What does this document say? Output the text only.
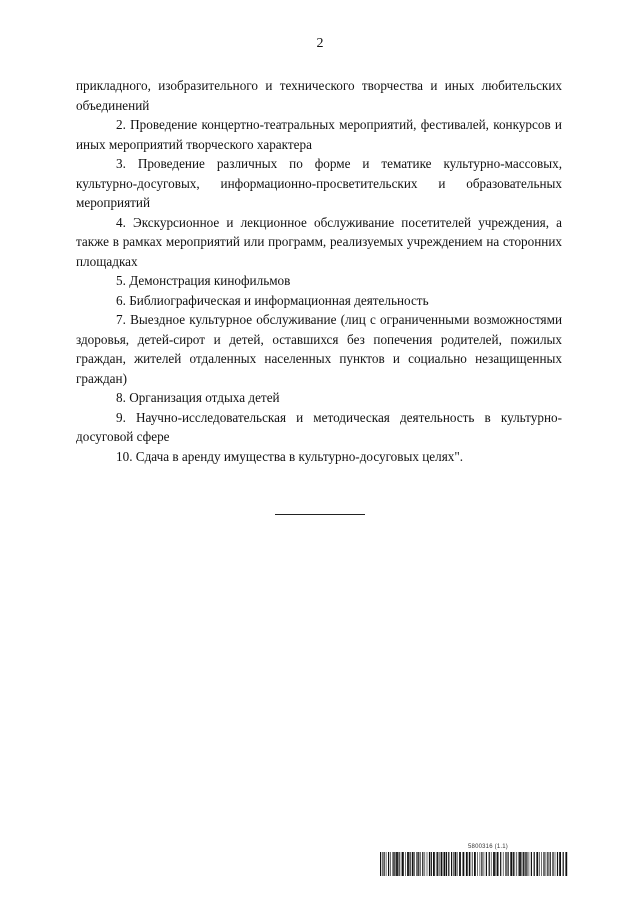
2

прикладного, изобразительного и технического творчества и иных любительских объединений

2. Проведение концертно-театральных мероприятий, фестивалей, конкурсов и иных мероприятий творческого характера

3. Проведение различных по форме и тематике культурно-массовых, культурно-досуговых, информационно-просветительских и образовательных мероприятий

4. Экскурсионное и лекционное обслуживание посетителей учреждения, а также в рамках мероприятий или программ, реализуемых учреждением на сторонних площадках

5. Демонстрация кинофильмов

6. Библиографическая и информационная деятельность

7. Выездное культурное обслуживание (лиц с ограниченными возможностями здоровья, детей-сирот и детей, оставшихся без попечения родителей, пожилых граждан, жителей отдаленных населенных пунктов и социально незащищенных граждан)

8. Организация отдыха детей

9. Научно-исследовательская и методическая деятельность в культурно-досуговой сфере

10. Сдача в аренду имущества в культурно-досуговых целях".

5800316 (1.1)
